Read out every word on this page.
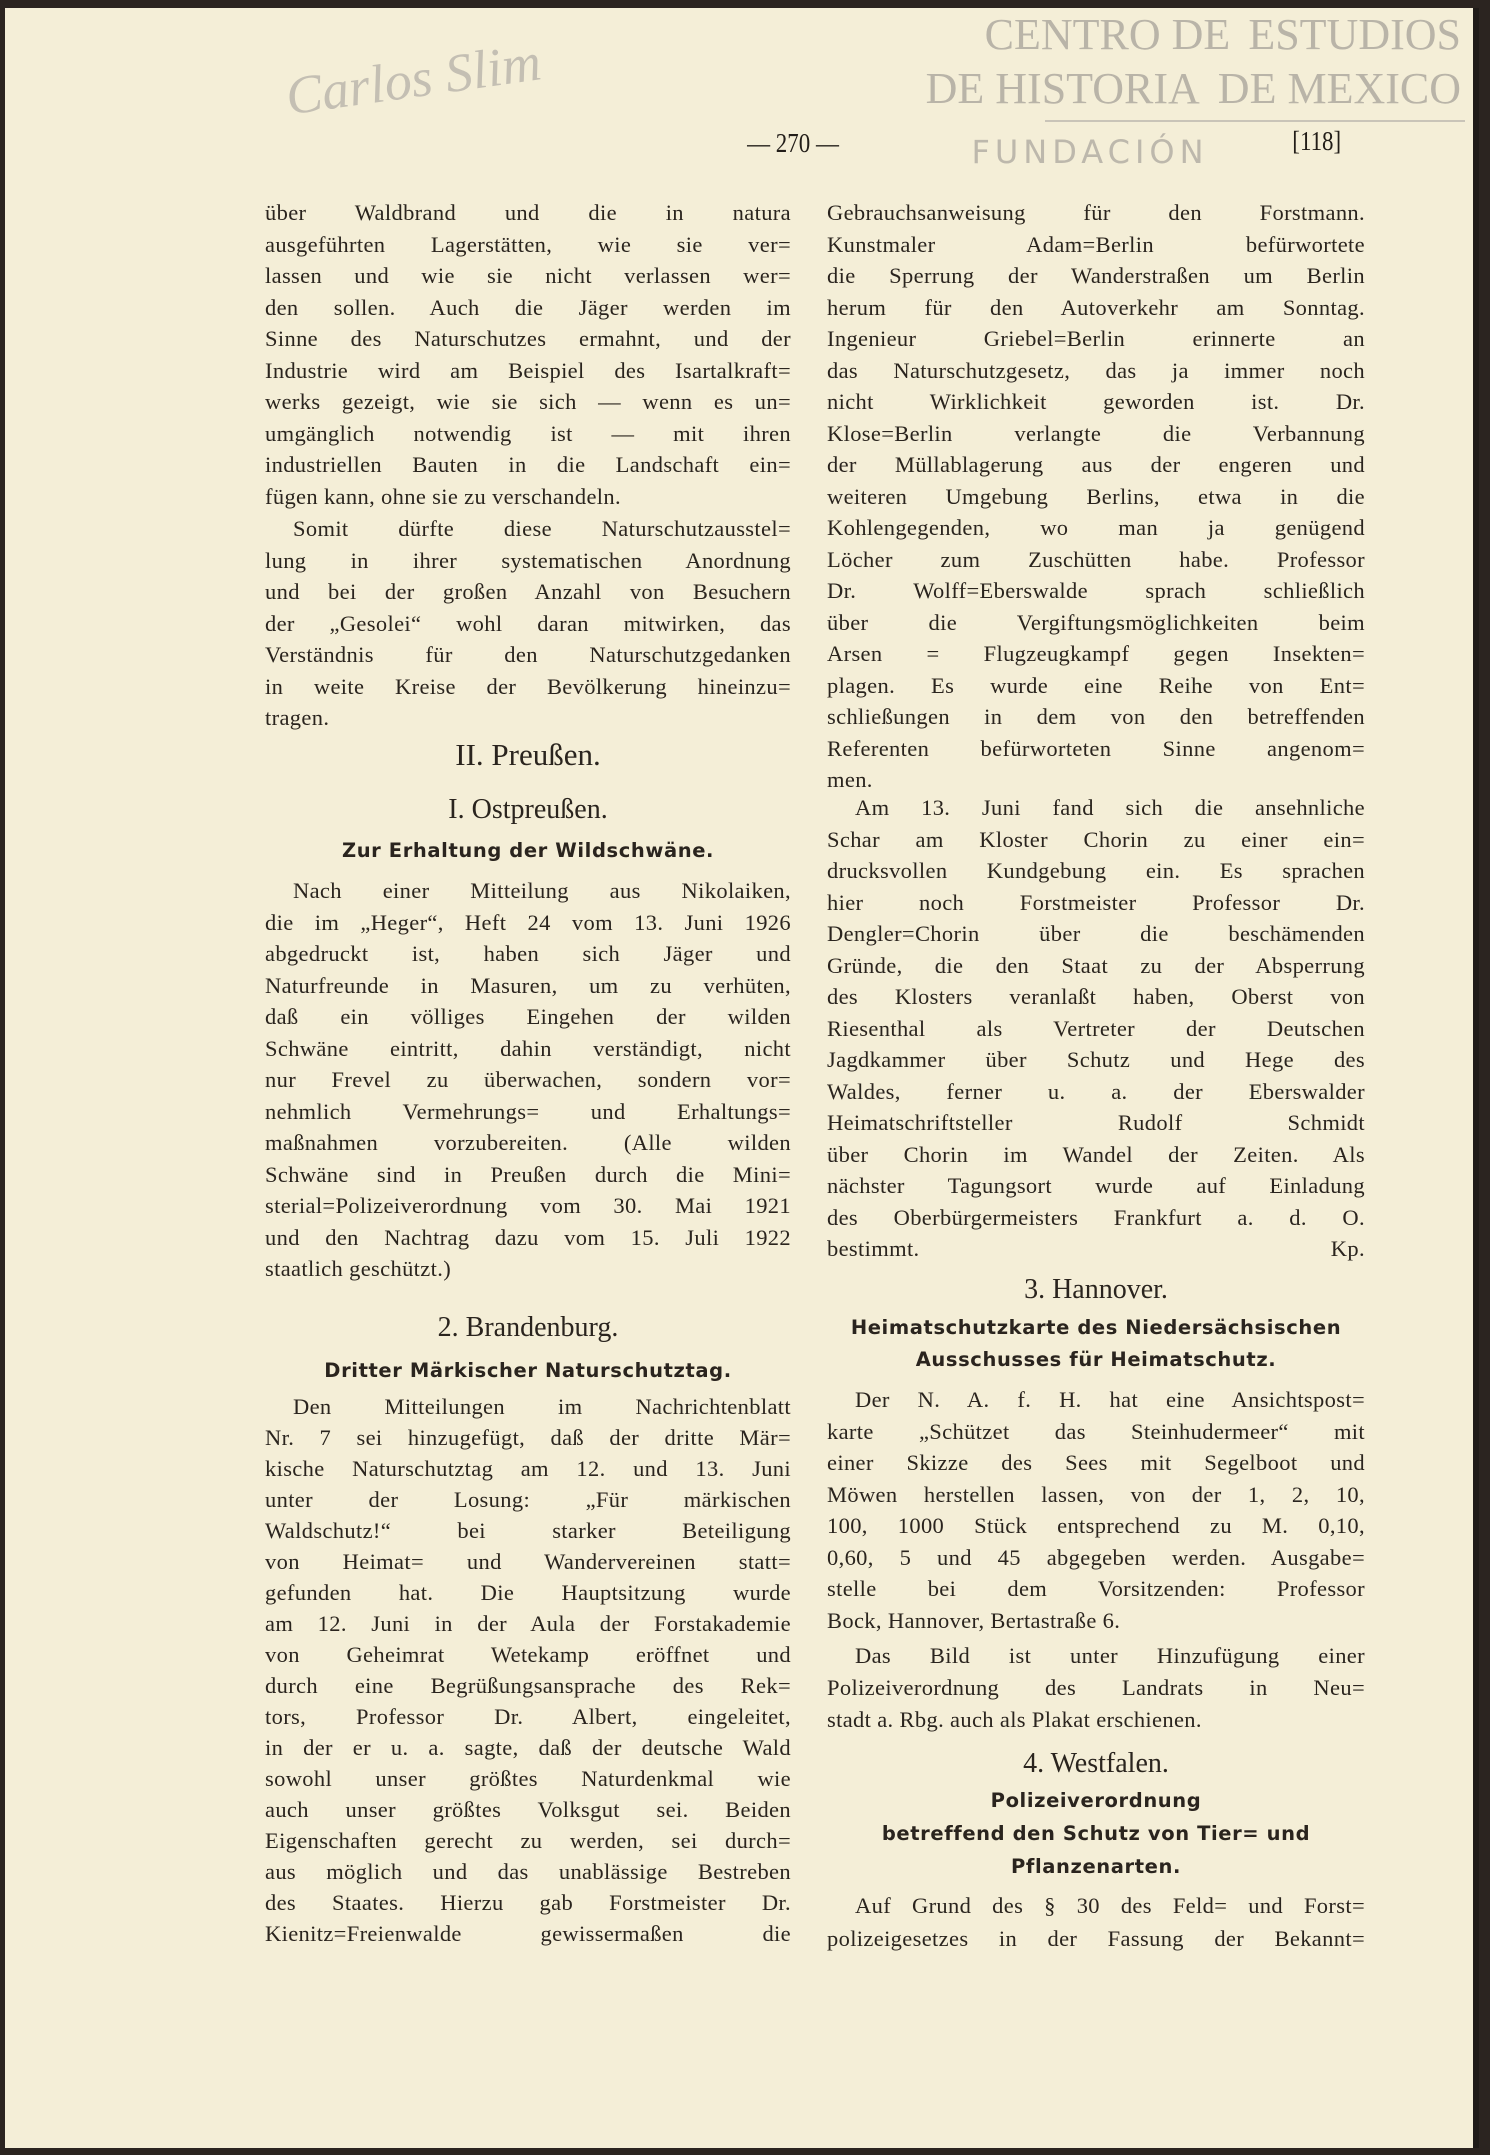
CENTRO DE ESTUDIOS
DE HISTORIA DE MEXICO
FUNDACIÓN
Carlos Slim
— 270 —	[118]
über Waldbrand und die in natura
ausgeführten Lagerstätten, wie sie ver=
lassen und wie sie nicht verlassen wer=
den sollen. Auch die Jäger werden im
Sinne des Naturschutzes ermahnt, und der
Industrie wird am Beispiel des Isartalkraft=
werks gezeigt, wie sie sich — wenn es un=
umgänglich notwendig ist — mit ihren
industriellen Bauten in die Landschaft ein=
fügen kann, ohne sie zu verschandeln.
Somit dürfte diese Naturschutzausstel=
lung in ihrer systematischen Anordnung
und bei der großen Anzahl von Besuchern
der „Gesolei“ wohl daran mitwirken, das
Verständnis für den Naturschutzgedanken
in weite Kreise der Bevölkerung hineinzu=
tragen.
II. Preußen.
I. Ostpreußen.
Zur Erhaltung der Wildschwäne.
Nach einer Mitteilung aus Nikolaiken,
die im „Heger“, Heft 24 vom 13. Juni 1926
abgedruckt ist, haben sich Jäger und
Naturfreunde in Masuren, um zu verhüten,
daß ein völliges Eingehen der wilden
Schwäne eintritt, dahin verständigt, nicht
nur Frevel zu überwachen, sondern vor=
nehmlich Vermehrungs= und Erhaltungs=
maßnahmen vorzubereiten. (Alle wilden
Schwäne sind in Preußen durch die Mini=
sterial=Polizeiverordnung vom 30. Mai 1921
und den Nachtrag dazu vom 15. Juli 1922
staatlich geschützt.)
2. Brandenburg.
Dritter Märkischer Naturschutztag.
Den Mitteilungen im Nachrichtenblatt
Nr. 7 sei hinzugefügt, daß der dritte Mär=
kische Naturschutztag am 12. und 13. Juni
unter der Losung: „Für märkischen
Waldschutz!“ bei starker Beteiligung
von Heimat= und Wandervereinen statt=
gefunden hat. Die Hauptsitzung wurde
am 12. Juni in der Aula der Forstakademie
von Geheimrat Wetekamp eröffnet und
durch eine Begrüßungsansprache des Rek=
tors, Professor Dr. Albert, eingeleitet,
in der er u. a. sagte, daß der deutsche Wald
sowohl unser größtes Naturdenkmal wie
auch unser größtes Volksgut sei. Beiden
Eigenschaften gerecht zu werden, sei durch=
aus möglich und das unablässige Bestreben
des Staates. Hierzu gab Forstmeister Dr.
Kienitz=Freienwalde gewissermaßen die
Gebrauchsanweisung für den Forstmann.
Kunstmaler Adam=Berlin befürwortete
die Sperrung der Wanderstraßen um Berlin
herum für den Autoverkehr am Sonntag.
Ingenieur Griebel=Berlin erinnerte an
das Naturschutzgesetz, das ja immer noch
nicht Wirklichkeit geworden ist. Dr.
Klose=Berlin verlangte die Verbannung
der Müllablagerung aus der engeren und
weiteren Umgebung Berlins, etwa in die
Kohlengegenden, wo man ja genügend
Löcher zum Zuschütten habe. Professor
Dr. Wolff=Eberswalde sprach schließlich
über die Vergiftungsmöglichkeiten beim
Arsen = Flugzeugkampf gegen Insekten=
plagen. Es wurde eine Reihe von Ent=
schließungen in dem von den betreffenden
Referenten befürworteten Sinne angenom=
men.
Am 13. Juni fand sich die ansehnliche
Schar am Kloster Chorin zu einer ein=
drucksvollen Kundgebung ein. Es sprachen
hier noch Forstmeister Professor Dr.
Dengler=Chorin über die beschämenden
Gründe, die den Staat zu der Absperrung
des Klosters veranlaßt haben, Oberst von
Riesenthal als Vertreter der Deutschen
Jagdkammer über Schutz und Hege des
Waldes, ferner u. a. der Eberswalder
Heimatschriftsteller Rudolf Schmidt
über Chorin im Wandel der Zeiten. Als
nächster Tagungsort wurde auf Einladung
des Oberbürgermeisters Frankfurt a. d. O.
bestimmt. Kp.
3. Hannover.
Heimatschutzkarte des Niedersächsischen
Ausschusses für Heimatschutz.
Der N. A. f. H. hat eine Ansichtspost=
karte „Schützet das Steinhudermeer“ mit
einer Skizze des Sees mit Segelboot und
Möwen herstellen lassen, von der 1, 2, 10,
100, 1000 Stück entsprechend zu M. 0,10,
0,60, 5 und 45 abgegeben werden. Ausgabe=
stelle bei dem Vorsitzenden: Professor
Bock, Hannover, Bertastraße 6.
Das Bild ist unter Hinzufügung einer
Polizeiverordnung des Landrats in Neu=
stadt a. Rbg. auch als Plakat erschienen.
4. Westfalen.
Polizeiverordnung
betreffend den Schutz von Tier= und
Pflanzenarten.
Auf Grund des § 30 des Feld= und Forst=
polizeigesetzes in der Fassung der Bekannt=
